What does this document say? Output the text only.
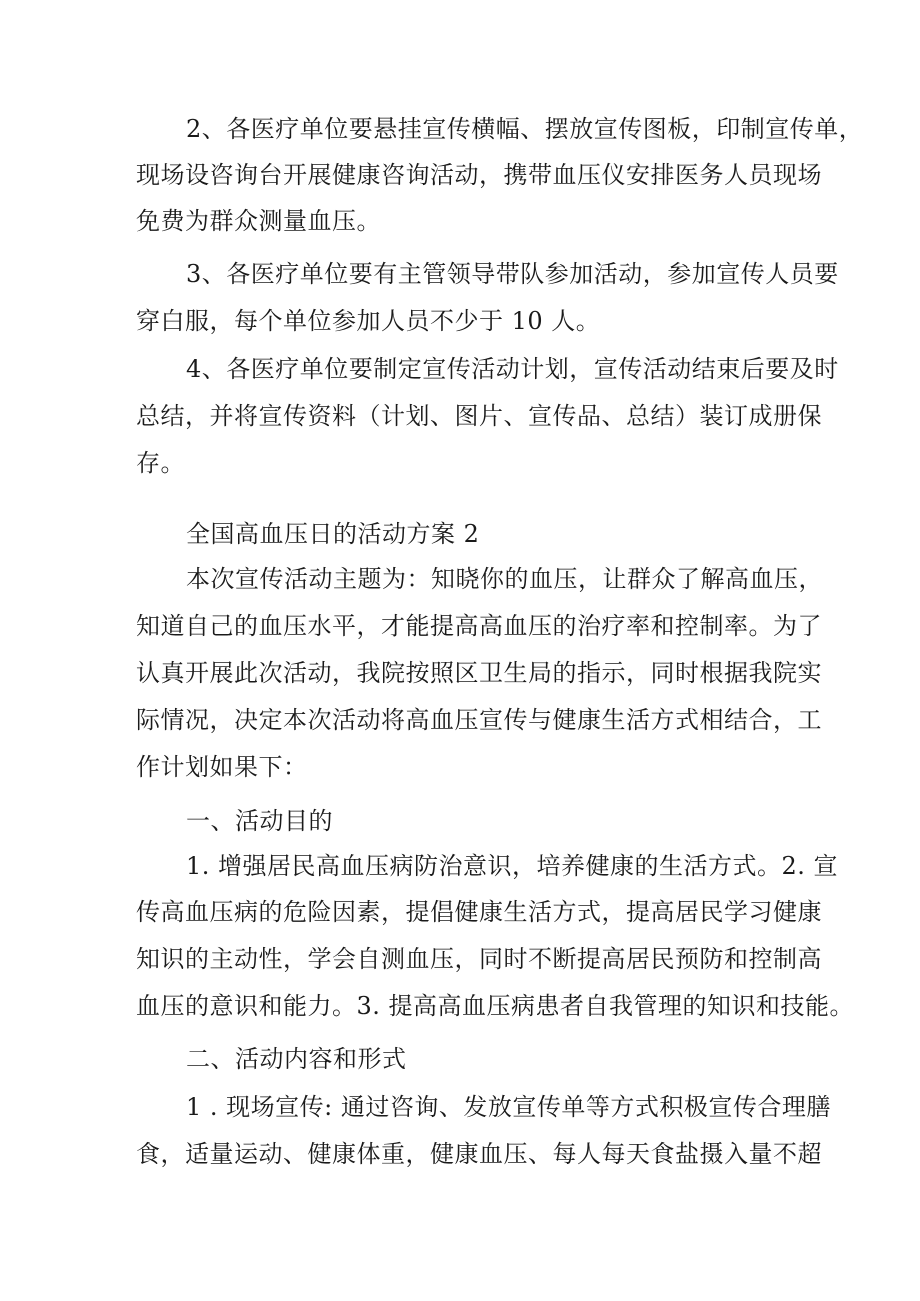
2、各医疗单位要悬挂宣传横幅、摆放宣传图板，印制宣传单，
现场设咨询台开展健康咨询活动，携带血压仪安排医务人员现场
免费为群众测量血压。
3、各医疗单位要有主管领导带队参加活动，参加宣传人员要
穿白服，每个单位参加人员不少于 10 人。
4、各医疗单位要制定宣传活动计划，宣传活动结束后要及时
总结，并将宣传资料（计划、图片、宣传品、总结）装订成册保
存。
全国高血压日的活动方案 2
本次宣传活动主题为：知晓你的血压，让群众了解高血压，
知道自己的血压水平，才能提高高血压的治疗率和控制率。为了
认真开展此次活动，我院按照区卫生局的指示，同时根据我院实
际情况，决定本次活动将高血压宣传与健康生活方式相结合，工
作计划如果下：
一、活动目的
1. 增强居民高血压病防治意识，培养健康的生活方式。2. 宣
传高血压病的危险因素，提倡健康生活方式，提高居民学习健康
知识的主动性，学会自测血压，同时不断提高居民预防和控制高
血压的意识和能力。3. 提高高血压病患者自我管理的知识和技能。
二、活动内容和形式
1 . 现场宣传: 通过咨询、发放宣传单等方式积极宣传合理膳
食，适量运动、健康体重，健康血压、每人每天食盐摄入量不超
